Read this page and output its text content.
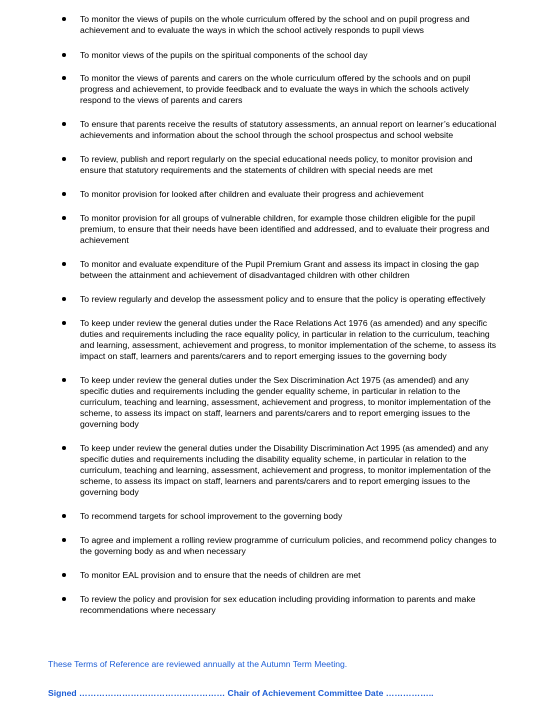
To monitor the views of pupils on the whole curriculum offered by the school and on pupil progress and achievement and to evaluate the ways in which the school actively responds to pupil views
To monitor views of the pupils on the spiritual components of the school day
To monitor the views of parents and carers on the whole curriculum offered by the schools and on pupil progress and achievement, to provide feedback and to evaluate the ways in which the schools actively respond to the views of parents and carers
To ensure that parents receive the results of statutory assessments, an annual report on learner’s educational achievements and information about the school through the school prospectus and school website
To review, publish and report regularly on the special educational needs policy, to monitor provision and ensure that statutory requirements and the statements of children with special needs are met
To monitor provision for looked after children and evaluate their progress and achievement
To monitor provision for all groups of vulnerable children, for example those children eligible for the pupil premium, to ensure that their needs have been identified and addressed, and to evaluate their progress and achievement
To monitor and evaluate expenditure of the Pupil Premium Grant and assess its impact in closing the gap between the attainment and achievement of disadvantaged children with other children
To review regularly and develop the assessment policy and to ensure that the policy is operating effectively
To keep under review the general duties under the Race Relations Act 1976 (as amended) and any specific duties and requirements including the race equality policy, in particular in relation to the curriculum, teaching and learning, assessment, achievement and progress, to monitor implementation of the scheme, to assess its impact on staff, learners and parents/carers and to report emerging issues to the governing body
To keep under review the general duties under the Sex Discrimination Act 1975 (as amended) and any specific duties and requirements including the gender equality scheme, in particular in relation to the curriculum, teaching and learning, assessment, achievement and progress, to monitor implementation of the scheme, to assess its impact on staff, learners and parents/carers and to report emerging issues to the governing body
To keep under review the general duties under the Disability Discrimination Act 1995 (as amended) and any specific duties and requirements including the disability equality scheme, in particular in relation to the curriculum, teaching and learning, assessment, achievement and progress, to monitor implementation of the scheme, to assess its impact on staff, learners and parents/carers and to report emerging issues to the governing body
To recommend targets for school improvement to the governing body
To agree and implement a rolling review programme of curriculum policies, and recommend policy changes to the governing body as and when necessary
To monitor EAL provision and to ensure that the needs of children are met
To review the policy and provision for sex education including providing information to parents and make recommendations where necessary
These Terms of Reference are reviewed annually at the Autumn Term Meeting.
Signed …………………………………………… Chair of Achievement Committee Date ……………..
